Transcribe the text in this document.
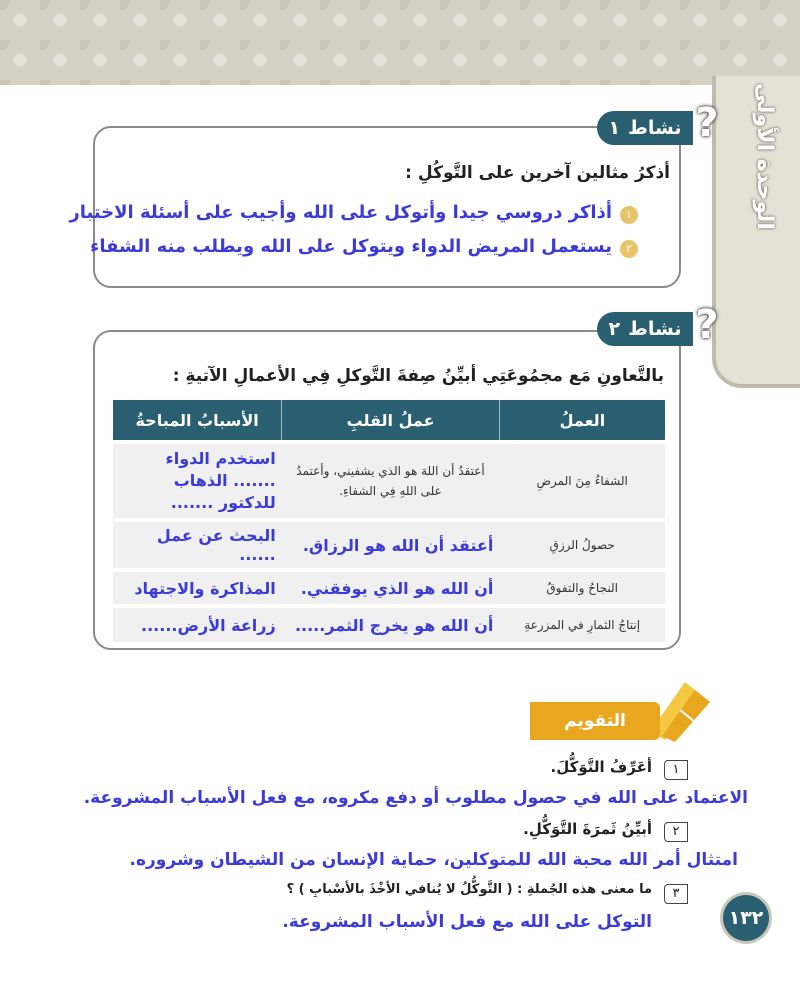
الوحدة الأولى
نشاط
١ ?
أذكرُ مثالين آخرين على التَّوكُلِ :
١
أذاكر دروسي جيدا وأتوكل على الله وأجيب على أسئلة الاختبار
٢
يستعمل المريض الدواء ويتوكل على الله ويطلب منه الشفاء
نشاط
٢ ?
بالتَّعاونِ مَع مجمُوعَتِي أبيِّنُ صِفةَ التَّوكلِ فِي الأعمالِ الآتيةِ :
العملُ	عملُ القلبِ	الأسبابُ المباحةُ
الشفاءُ مِنَ المرضِ	أعتقدُ أن اللهَ هو الذي يشفيني، وأعتمدُ على اللهِ فِي الشفاءِ.	استخدم الدواء ....... الذهاب للدكتور .......
حصولُ الرزقِ	أعتقد أن الله هو الرزاق.	البحث عن عمل ......
النجاحُ والتفوقُ	أن الله هو الذي يوفقني.	المذاكرة والاجتهاد
إنتاجُ الثمارِ في المزرعةِ	أن الله هو يخرج الثمر.....	زراعة الأرض......
التقويم
١
أعَرِّفُ التَّوَكُّلَ.
الاعتماد على الله في حصول مطلوب أو دفع مكروه، مع فعل الأسباب المشروعة.
٢
أبيِّنُ ثَمرَةَ التَّوَكُّلِ.
امتثال أمر الله محبة الله للمتوكلين، حماية الإنسان من الشيطان وشروره.
٣
ما معنى هذه الجُملةِ : ( التَّوكُّلُ لا يُنافي الأخْذَ بالأسْبابِ ) ؟
التوكل على الله مع فعل الأسباب المشروعة.	١٣٢
